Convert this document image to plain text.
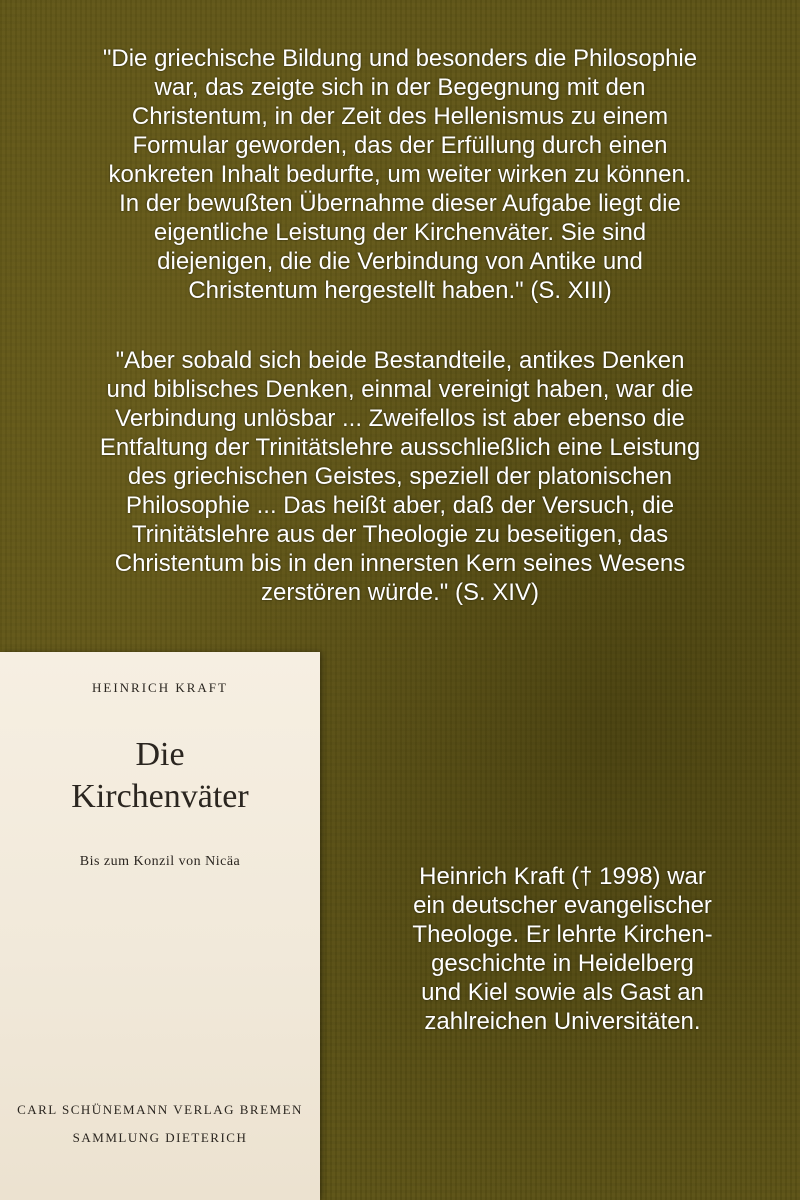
"Die griechische Bildung und besonders die Philosophie
war, das zeigte sich in der Begegnung mit den
Christentum, in der Zeit des Hellenismus zu einem
Formular geworden, das der Erfüllung durch einen
konkreten Inhalt bedurfte, um weiter wirken zu können.
In der bewußten Übernahme dieser Aufgabe liegt die
eigentliche Leistung der Kirchenväter. Sie sind
diejenigen, die die Verbindung von Antike und
Christentum hergestellt haben." (S. XIII)
"Aber sobald sich beide Bestandteile, antikes Denken
und biblisches Denken, einmal vereinigt haben, war die
Verbindung unlösbar ... Zweifellos ist aber ebenso die
Entfaltung der Trinitätslehre ausschließlich eine Leistung
des griechischen Geistes, speziell der platonischen
Philosophie ... Das heißt aber, daß der Versuch, die
Trinitätslehre aus der Theologie zu beseitigen, das
Christentum bis in den innersten Kern seines Wesens
zerstören würde." (S. XIV)
HEINRICH KRAFT
Die
Kirchenväter
Bis zum Konzil von Nicäa
CARL SCHÜNEMANN VERLAG BREMEN
SAMMLUNG DIETERICH
Heinrich Kraft († 1998) war
ein deutscher evangelischer
Theologe. Er lehrte Kirchen-
geschichte in Heidelberg
und Kiel sowie als Gast an
zahlreichen Universitäten.
